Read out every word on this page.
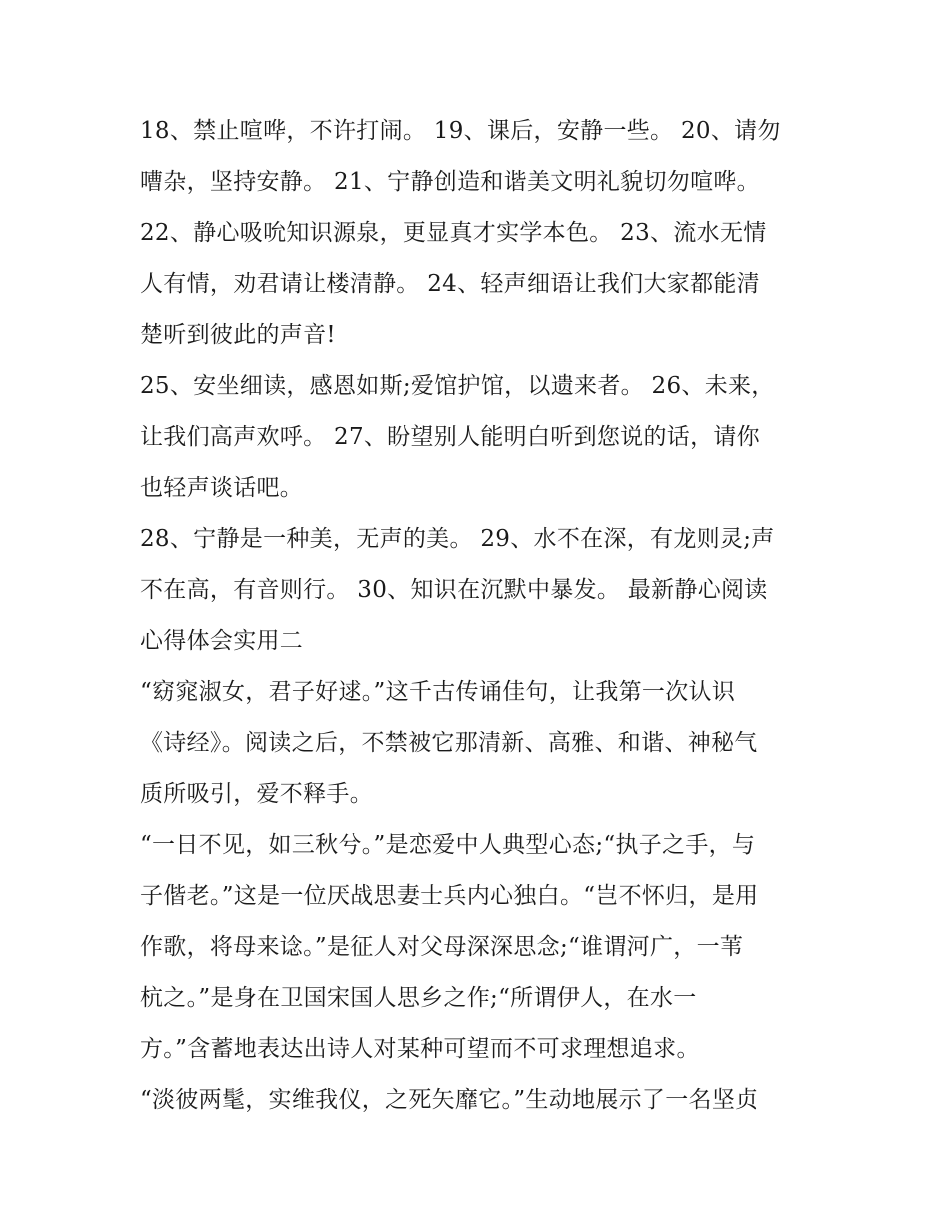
18、禁止喧哗，不许打闹。 19、课后，安静一些。 20、请勿
嘈杂，坚持安静。 21、宁静创造和谐美文明礼貌切勿喧哗。
22、静心吸吮知识源泉，更显真才实学本色。 23、流水无情
人有情，劝君请让楼清静。 24、轻声细语让我们大家都能清
楚听到彼此的声音!
25、安坐细读，感恩如斯;爱馆护馆，以遗来者。 26、未来，
让我们高声欢呼。 27、盼望别人能明白听到您说的话，请你
也轻声谈话吧。
28、宁静是一种美，无声的美。 29、水不在深，有龙则灵;声
不在高，有音则行。 30、知识在沉默中暴发。 最新静心阅读
心得体会实用二
“窈窕淑女，君子好逑。”这千古传诵佳句，让我第一次认识
《诗经》。阅读之后，不禁被它那清新、高雅、和谐、神秘气
质所吸引，爱不释手。
“一日不见，如三秋兮。”是恋爱中人典型心态;“执子之手，与
子偕老。”这是一位厌战思妻士兵内心独白。“岂不怀归，是用
作歌，将母来谂。”是征人对父母深深思念;“谁谓河广，一苇
杭之。”是身在卫国宋国人思乡之作;“所谓伊人，在水一
方。”含蓄地表达出诗人对某种可望而不可求理想追求。
“淡彼两髦，实维我仪，之死矢靡它。”生动地展示了一名坚贞
